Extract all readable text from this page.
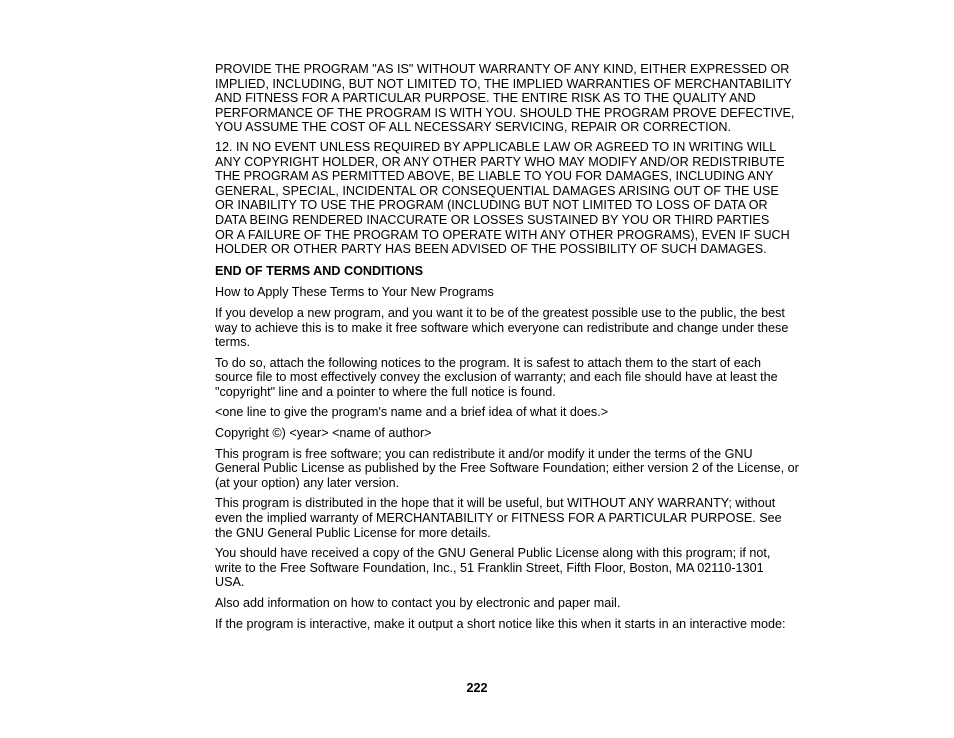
PROVIDE THE PROGRAM "AS IS" WITHOUT WARRANTY OF ANY KIND, EITHER EXPRESSED OR
IMPLIED, INCLUDING, BUT NOT LIMITED TO, THE IMPLIED WARRANTIES OF MERCHANTABILITY
AND FITNESS FOR A PARTICULAR PURPOSE. THE ENTIRE RISK AS TO THE QUALITY AND
PERFORMANCE OF THE PROGRAM IS WITH YOU. SHOULD THE PROGRAM PROVE DEFECTIVE,
YOU ASSUME THE COST OF ALL NECESSARY SERVICING, REPAIR OR CORRECTION.

12. IN NO EVENT UNLESS REQUIRED BY APPLICABLE LAW OR AGREED TO IN WRITING WILL
ANY COPYRIGHT HOLDER, OR ANY OTHER PARTY WHO MAY MODIFY AND/OR REDISTRIBUTE
THE PROGRAM AS PERMITTED ABOVE, BE LIABLE TO YOU FOR DAMAGES, INCLUDING ANY
GENERAL, SPECIAL, INCIDENTAL OR CONSEQUENTIAL DAMAGES ARISING OUT OF THE USE
OR INABILITY TO USE THE PROGRAM (INCLUDING BUT NOT LIMITED TO LOSS OF DATA OR
DATA BEING RENDERED INACCURATE OR LOSSES SUSTAINED BY YOU OR THIRD PARTIES
OR A FAILURE OF THE PROGRAM TO OPERATE WITH ANY OTHER PROGRAMS), EVEN IF SUCH
HOLDER OR OTHER PARTY HAS BEEN ADVISED OF THE POSSIBILITY OF SUCH DAMAGES.

END OF TERMS AND CONDITIONS

How to Apply These Terms to Your New Programs

If you develop a new program, and you want it to be of the greatest possible use to the public, the best
way to achieve this is to make it free software which everyone can redistribute and change under these
terms.

To do so, attach the following notices to the program. It is safest to attach them to the start of each
source file to most effectively convey the exclusion of warranty; and each file should have at least the
"copyright" line and a pointer to where the full notice is found.

<one line to give the program's name and a brief idea of what it does.>

Copyright ©) <year> <name of author>

This program is free software; you can redistribute it and/or modify it under the terms of the GNU
General Public License as published by the Free Software Foundation; either version 2 of the License, or
(at your option) any later version.

This program is distributed in the hope that it will be useful, but WITHOUT ANY WARRANTY; without
even the implied warranty of MERCHANTABILITY or FITNESS FOR A PARTICULAR PURPOSE. See
the GNU General Public License for more details.

You should have received a copy of the GNU General Public License along with this program; if not,
write to the Free Software Foundation, Inc., 51 Franklin Street, Fifth Floor, Boston, MA 02110-1301
USA.

Also add information on how to contact you by electronic and paper mail.

If the program is interactive, make it output a short notice like this when it starts in an interactive mode:

222
